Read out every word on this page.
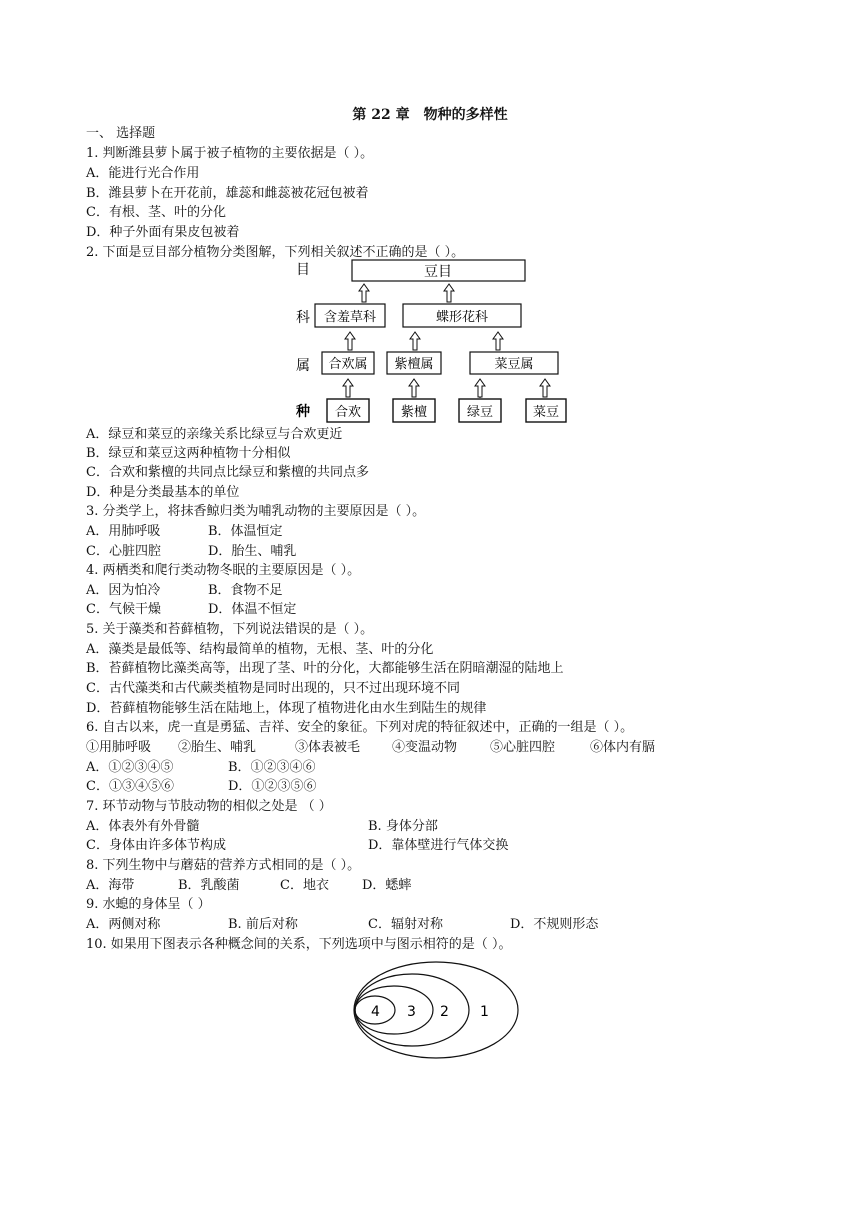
第 22 章　物种的多样性
一、 选择题
1. 判断潍县萝卜属于被子植物的主要依据是（ ）。
A．能进行光合作用
B．潍县萝卜在开花前，雄蕊和雌蕊被花冠包被着
C．有根、茎、叶的分化
D．种子外面有果皮包被着
2. 下面是豆目部分植物分类图解，下列相关叙述不正确的是（ ）。
目
科
属
种
豆目
含羞草科	蝶形花科
合欢属 紫檀属	菜豆属
合欢	紫檀	绿豆	菜豆
A．绿豆和菜豆的亲缘关系比绿豆与合欢更近
B．绿豆和菜豆这两种植物十分相似
C．合欢和紫檀的共同点比绿豆和紫檀的共同点多
D．种是分类最基本的单位
3. 分类学上，将抹香鲸归类为哺乳动物的主要原因是（ ）。
A．用肺呼吸	B．体温恒定
C．心脏四腔	D．胎生、哺乳
4. 两栖类和爬行类动物冬眠的主要原因是（ ）。
A．因为怕冷	B．食物不足
C．气候干燥	D．体温不恒定
5. 关于藻类和苔藓植物，下列说法错误的是（ ）。
A．藻类是最低等、结构最简单的植物，无根、茎、叶的分化
B．苔藓植物比藻类高等，出现了茎、叶的分化，大都能够生活在阴暗潮湿的陆地上
C．古代藻类和古代蕨类植物是同时出现的，只不过出现环境不同
D．苔藓植物能够生活在陆地上，体现了植物进化由水生到陆生的规律
6. 自古以来，虎一直是勇猛、吉祥、安全的象征。下列对虎的特征叙述中，正确的一组是（ ）。
①用肺呼吸 ②胎生、哺乳	③体表被毛 ④变温动物	⑤心脏四腔	⑥体内有膈
A．①②③④⑤	B．①②③④⑥
C．①③④⑤⑥	D．①②③⑤⑥
7. 环节动物与节肢动物的相似之处是 （ ）
A．体表外有外骨髓	B. 身体分部
C．身体由许多体节构成	D．靠体壁进行气体交换
8. 下列生物中与蘑菇的营养方式相同的是（ ）。
A．海带	B．乳酸菌	C．地衣	D．蟋蟀
9. 水螅的身体呈（ ）
A．两侧对称	B. 前后对称	C．辐射对称	D．不规则形态
10. 如果用下图表示各种概念间的关系，下列选项中与图示相符的是（ ）。
1
2
3
4
